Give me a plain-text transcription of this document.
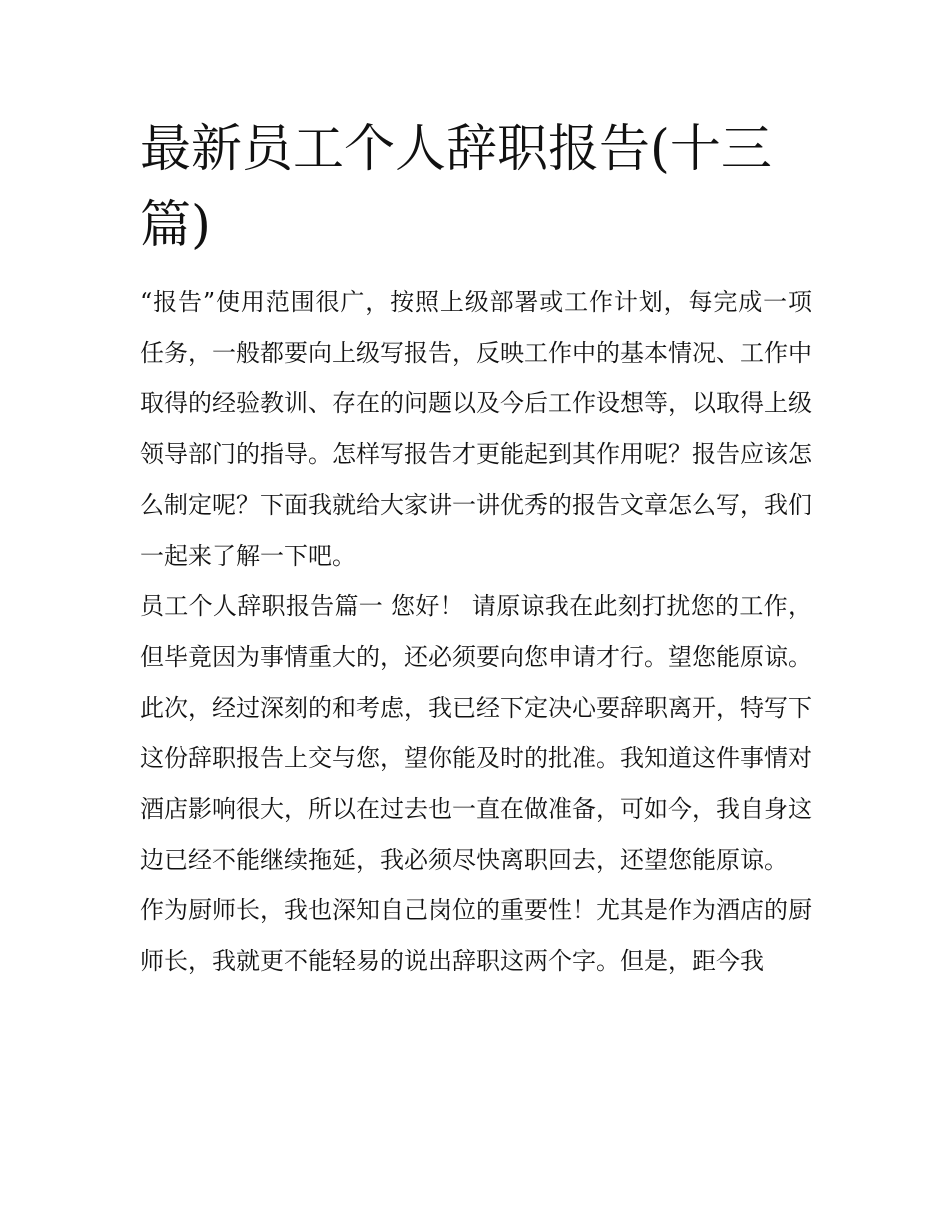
最新员工个人辞职报告(十三篇)

“报告”使用范围很广，按照上级部署或工作计划，每完成一项任务，一般都要向上级写报告，反映工作中的基本情况、工作中取得的经验教训、存在的问题以及今后工作设想等，以取得上级领导部门的指导。怎样写报告才更能起到其作用呢？报告应该怎么制定呢？下面我就给大家讲一讲优秀的报告文章怎么写，我们一起来了解一下吧。

员工个人辞职报告篇一 您好！ 请原谅我在此刻打扰您的工作，但毕竟因为事情重大的，还必须要向您申请才行。望您能原谅。

此次，经过深刻的和考虑，我已经下定决心要辞职离开，特写下这份辞职报告上交与您，望你能及时的批准。我知道这件事情对酒店影响很大，所以在过去也一直在做准备，可如今，我自身这边已经不能继续拖延，我必须尽快离职回去，还望您能原谅。

作为厨师长，我也深知自己岗位的重要性！尤其是作为酒店的厨师长，我就更不能轻易的说出辞职这两个字。但是，距今我
